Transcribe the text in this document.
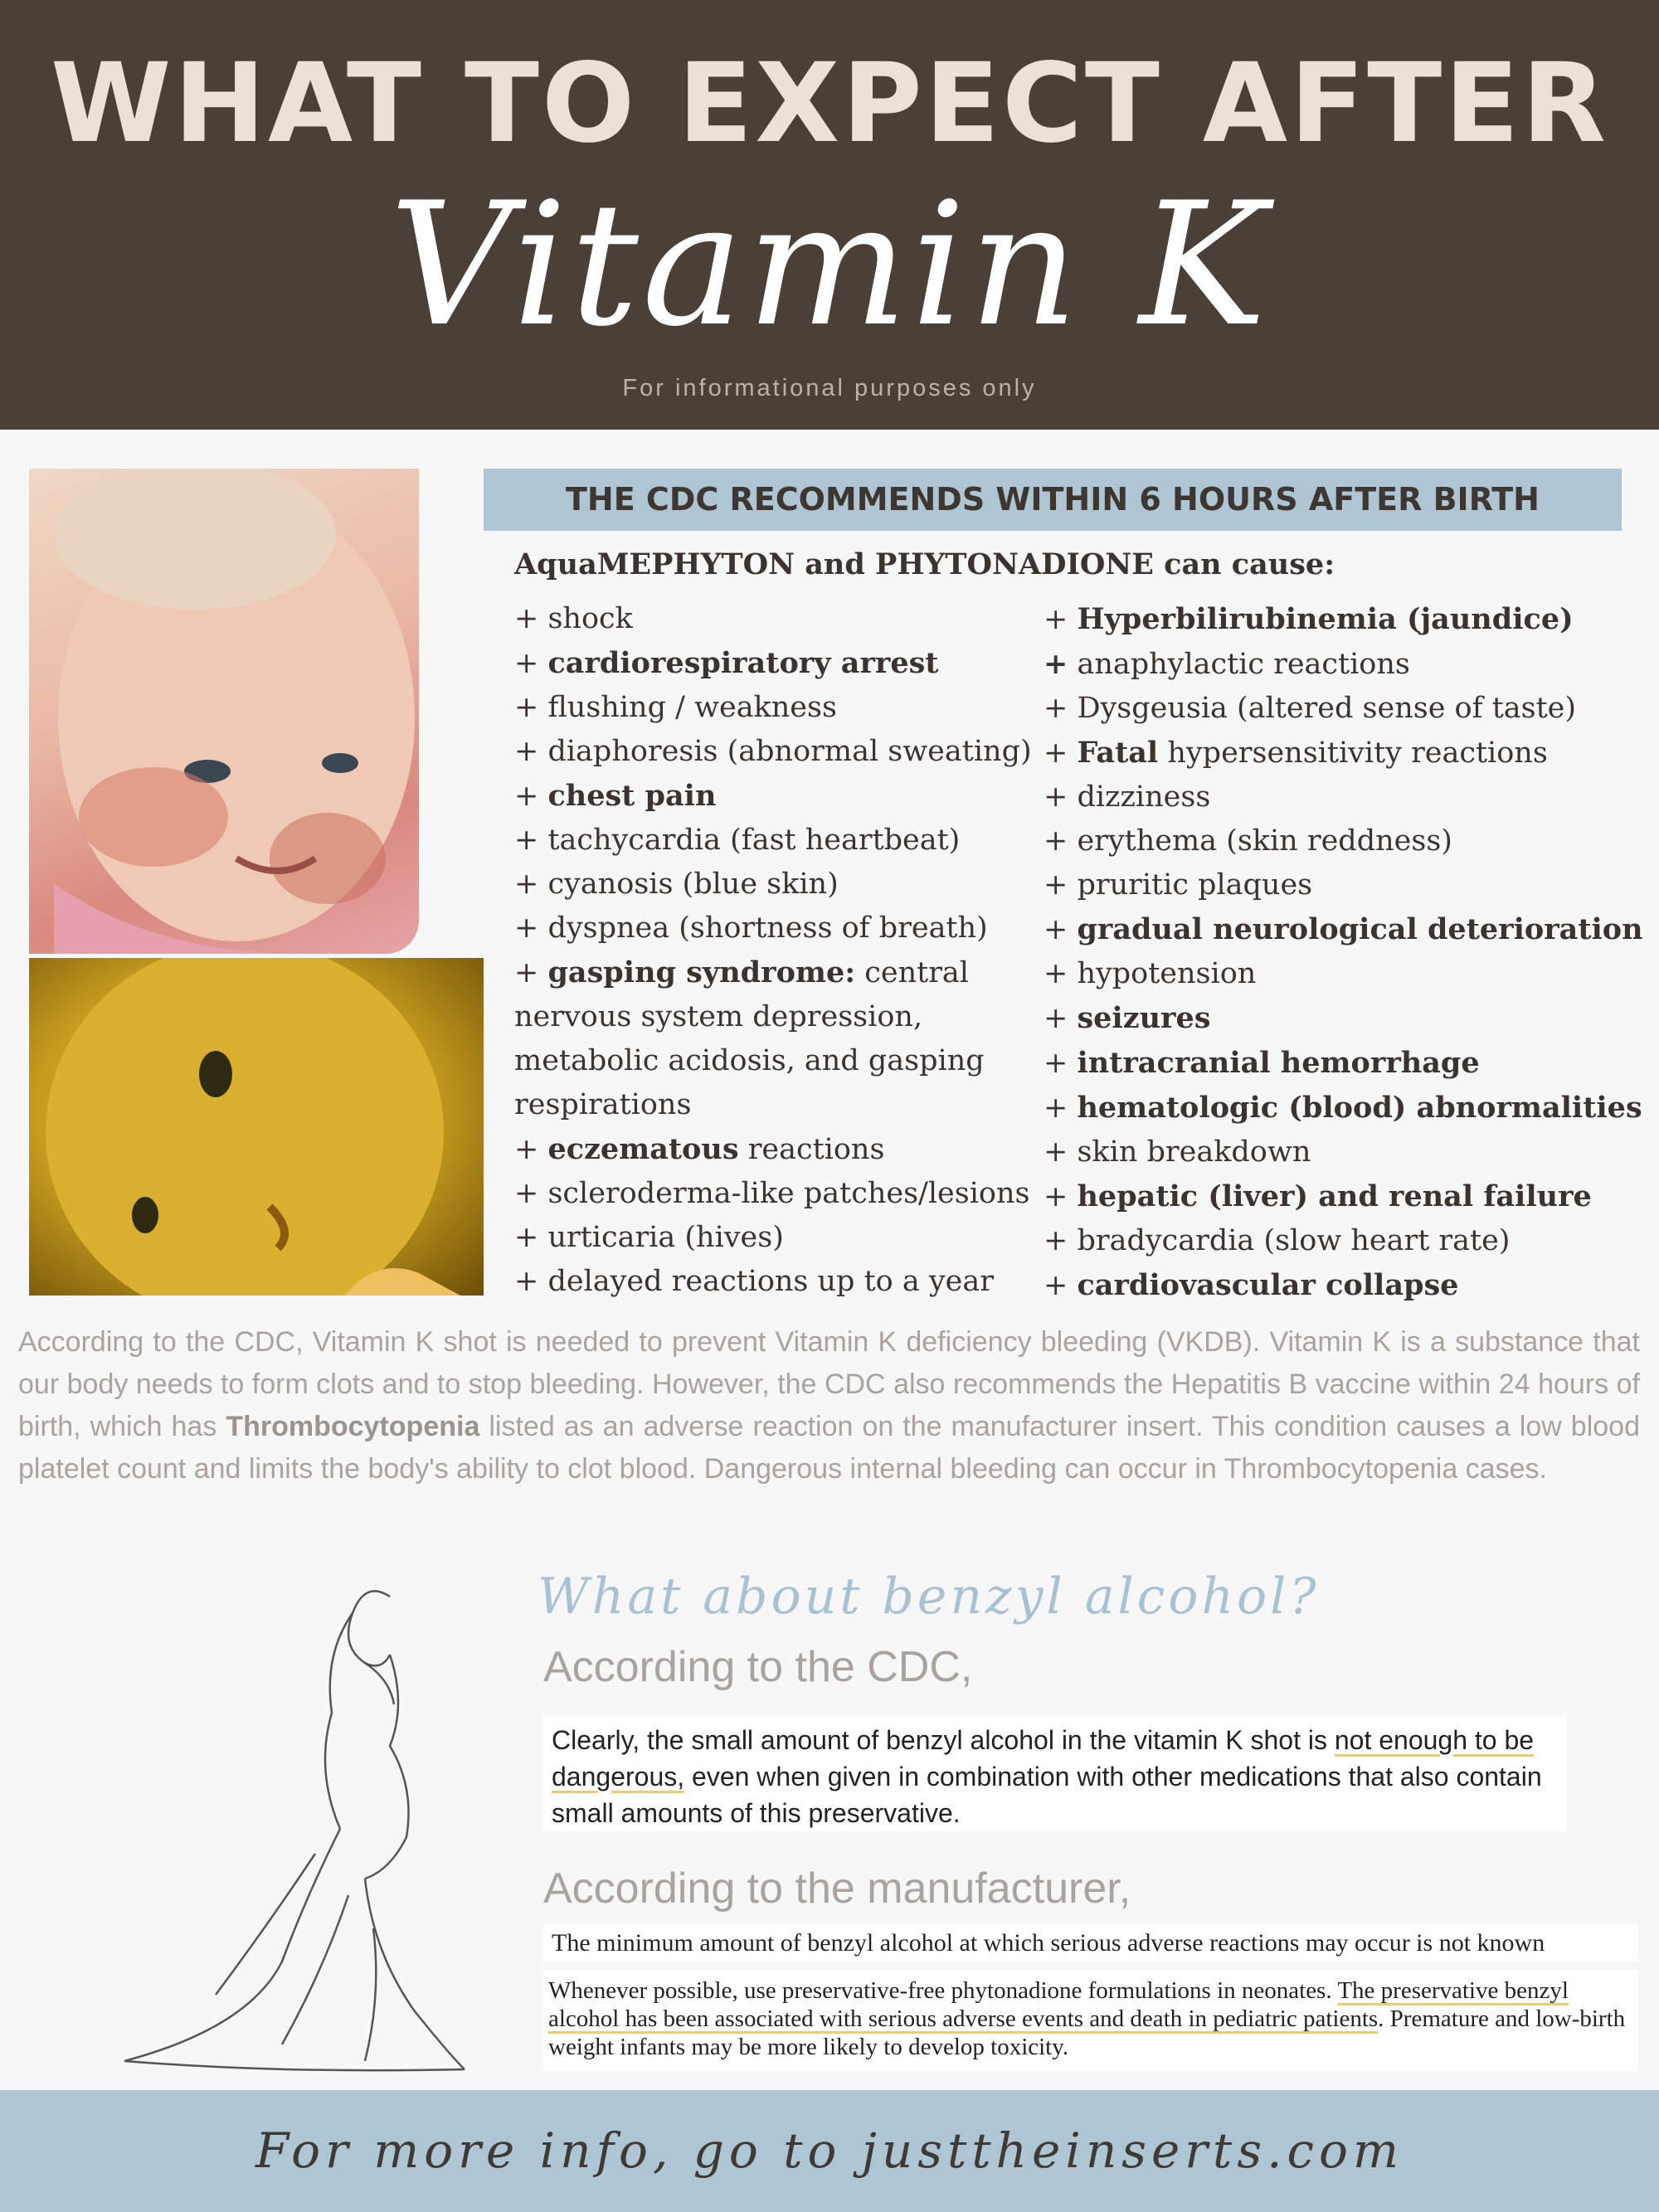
WHAT TO EXPECT AFTER
Vitamin K
For informational purposes only
THE CDC RECOMMENDS WITHIN 6 HOURS AFTER BIRTH
AquaMEPHYTON and PHYTONADIONE can cause:
+ shock
+ cardiorespiratory arrest
+ flushing / weakness
+ diaphoresis (abnormal sweating)
+ chest pain
+ tachycardia (fast heartbeat)
+ cyanosis (blue skin)
+ dyspnea (shortness of breath)
+ gasping syndrome: central nervous system depression, metabolic acidosis, and gasping respirations
+ eczematous reactions
+ scleroderma-like patches/lesions
+ urticaria (hives)
+ delayed reactions up to a year
+ Hyperbilirubinemia (jaundice)
+ anaphylactic reactions
+ Dysgeusia (altered sense of taste)
+ Fatal hypersensitivity reactions
+ dizziness
+ erythema (skin reddness)
+ pruritic plaques
+ gradual neurological deterioration
+ hypotension
+ seizures
+ intracranial hemorrhage
+ hematologic (blood) abnormalities
+ skin breakdown
+ hepatic (liver) and renal failure
+ bradycardia (slow heart rate)
+ cardiovascular collapse
According to the CDC, Vitamin K shot is needed to prevent Vitamin K deficiency bleeding (VKDB). Vitamin K is a substance that our body needs to form clots and to stop bleeding. However, the CDC also recommends the Hepatitis B vaccine within 24 hours of birth, which has Thrombocytopenia listed as an adverse reaction on the manufacturer insert. This condition causes a low blood platelet count and limits the body's ability to clot blood. Dangerous internal bleeding can occur in Thrombocytopenia cases.
What about benzyl alcohol?
According to the CDC,
Clearly, the small amount of benzyl alcohol in the vitamin K shot is not enough to be dangerous, even when given in combination with other medications that also contain small amounts of this preservative.
According to the manufacturer,
The minimum amount of benzyl alcohol at which serious adverse reactions may occur is not known
Whenever possible, use preservative-free phytonadione formulations in neonates. The preservative benzyl alcohol has been associated with serious adverse events and death in pediatric patients. Premature and low-birth weight infants may be more likely to develop toxicity.
For more info, go to justtheinserts.com
